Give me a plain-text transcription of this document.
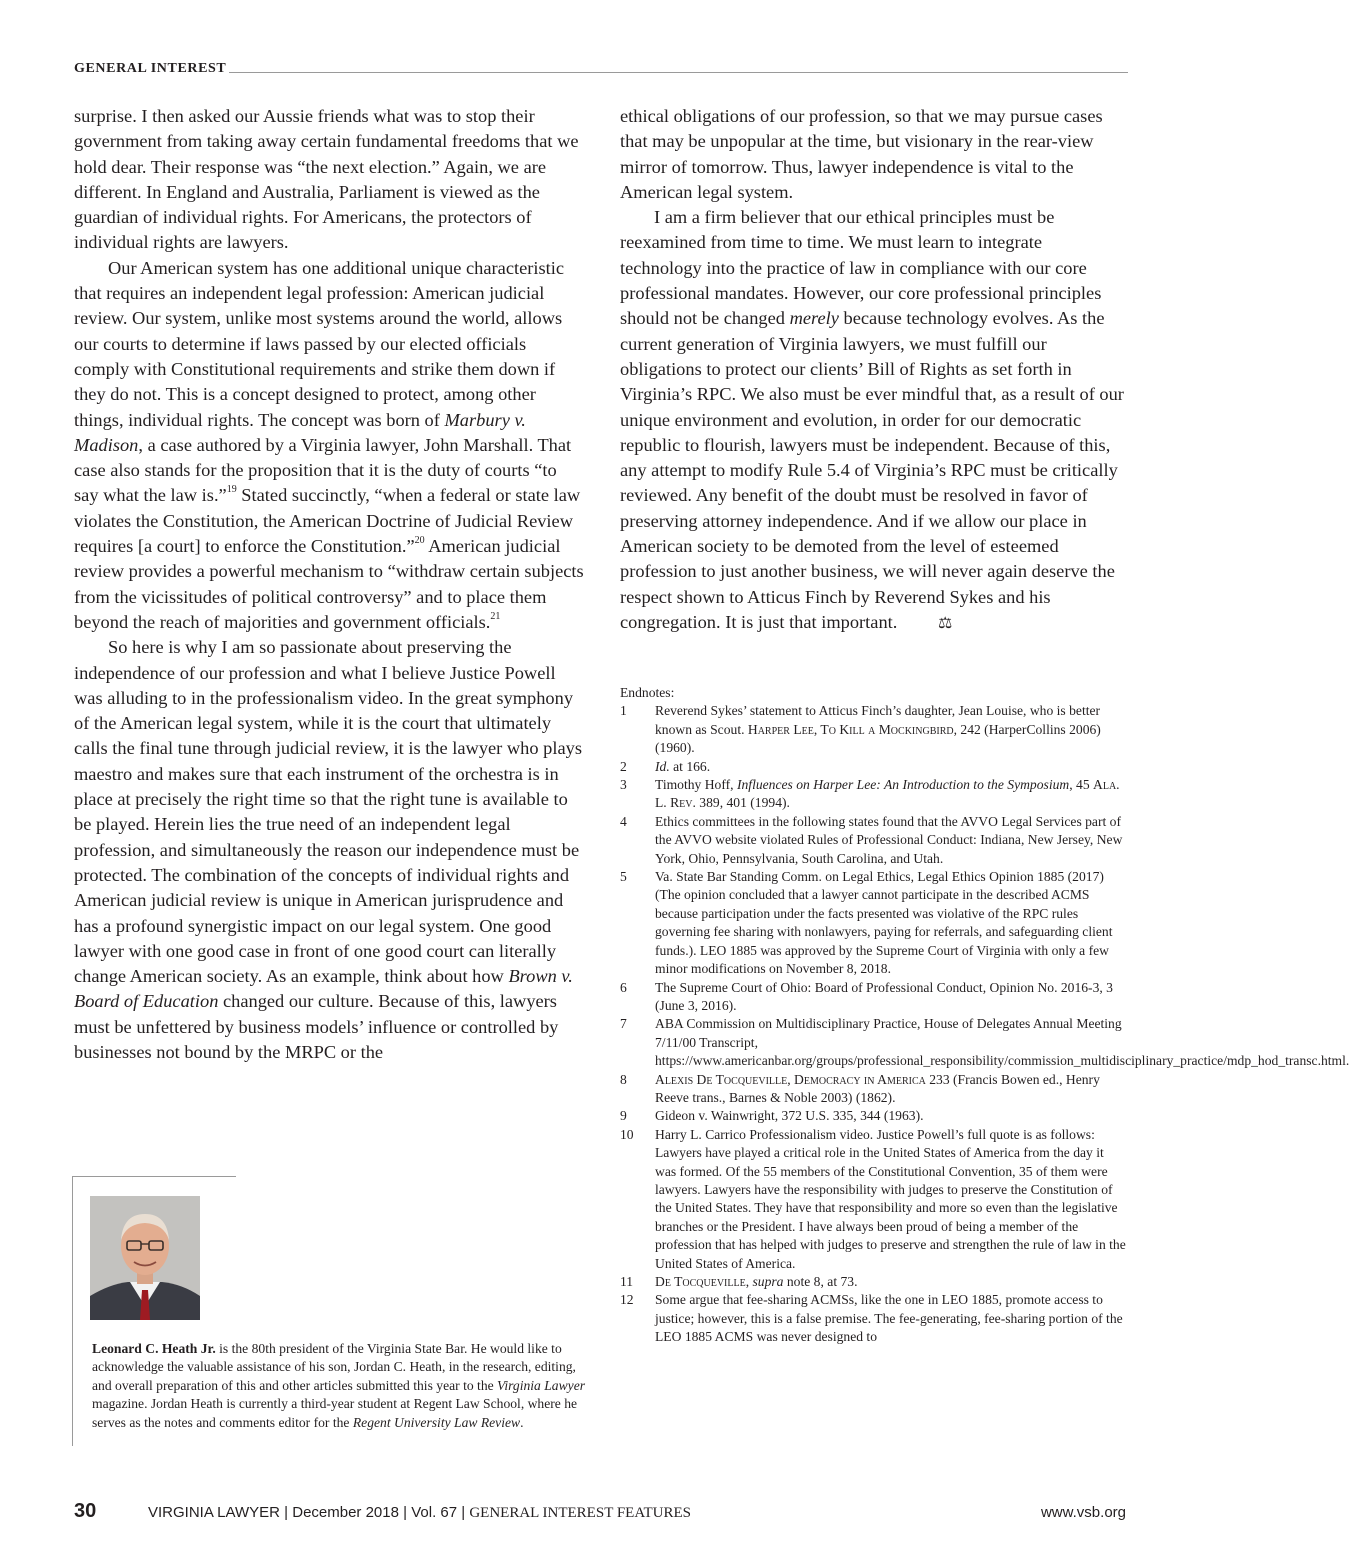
GENERAL INTEREST

surprise. I then asked our Aussie friends what was to stop their government from taking away certain fundamental freedoms that we hold dear. Their response was “the next election.” Again, we are different. In England and Australia, Parliament is viewed as the guardian of individual rights. For Americans, the protectors of individual rights are lawyers.

Our American system has one additional unique characteristic that requires an independent legal profession: American judicial review. Our system, unlike most systems around the world, allows our courts to determine if laws passed by our elected officials comply with Constitutional requirements and strike them down if they do not. This is a concept designed to protect, among other things, individual rights. The concept was born of Marbury v. Madison, a case authored by a Virginia lawyer, John Marshall. That case also stands for the proposition that it is the duty of courts “to say what the law is.”$^{19}$ Stated succinctly, “when a federal or state law violates the Constitution, the American Doctrine of Judicial Review requires [a court] to enforce the Constitution.”$^{20}$ American judicial review provides a powerful mechanism to “withdraw certain subjects from the vicissitudes of political controversy” and to place them beyond the reach of majorities and government officials.$^{21}$

So here is why I am so passionate about preserving the independence of our profession and what I believe Justice Powell was alluding to in the professionalism video. In the great symphony of the American legal system, while it is the court that ultimately calls the final tune through judicial review, it is the lawyer who plays maestro and makes sure that each instrument of the orchestra is in place at precisely the right time so that the right tune is available to be played. Herein lies the true need of an independent legal profession, and simultaneously the reason our independence must be protected. The combination of the concepts of individual rights and American judicial review is unique in American jurisprudence and has a profound synergistic impact on our legal system. One good lawyer with one good case in front of one good court can literally change American society. As an example, think about how Brown v. Board of Education changed our culture. Because of this, lawyers must be unfettered by business models’ influence or controlled by businesses not bound by the MRPC or the

ethical obligations of our profession, so that we may pursue cases that may be unpopular at the time, but visionary in the rear-view mirror of tomorrow. Thus, lawyer independence is vital to the American legal system.

I am a firm believer that our ethical principles must be reexamined from time to time. We must learn to integrate technology into the practice of law in compliance with our core professional mandates. However, our core professional principles should not be changed merely because technology evolves. As the current generation of Virginia lawyers, we must fulfill our obligations to protect our clients’ Bill of Rights as set forth in Virginia’s RPC. We also must be ever mindful that, as a result of our unique environment and evolution, in order for our democratic republic to flourish, lawyers must be independent. Because of this, any attempt to modify Rule 5.4 of Virginia’s RPC must be critically reviewed. Any benefit of the doubt must be resolved in favor of preserving attorney independence. And if we allow our place in American society to be demoted from the level of esteemed profession to just another business, we will never again deserve the respect shown to Atticus Finch by Reverend Sykes and his congregation. It is just that important.	⚖

Leonard C. Heath Jr. is the 80th president of the Virginia State Bar. He would like to acknowledge the valuable assistance of his son, Jordan C. Heath, in the research, editing, and overall preparation of this and other articles submitted this year to the Virginia Lawyer magazine. Jordan Heath is currently a third-year student at Regent Law School, where he serves as the notes and comments editor for the Regent University Law Review.

Endnotes:

1 Reverend Sykes’ statement to Atticus Finch’s daughter, Jean Louise, who is better known as Scout. Harper Lee, To Kill a Mockingbird, 242 (HarperCollins 2006) (1960).

2 Id. at 166.

3 Timothy Hoff, Influences on Harper Lee: An Introduction to the Symposium, 45 Ala. L. Rev. 389, 401 (1994).

4 Ethics committees in the following states found that the AVVO Legal Services part of the AVVO website violated Rules of Professional Conduct: Indiana, New Jersey, New York, Ohio, Pennsylvania, South Carolina, and Utah.

5 Va. State Bar Standing Comm. on Legal Ethics, Legal Ethics Opinion 1885 (2017) (The opinion concluded that a lawyer cannot participate in the described ACMS because participation under the facts presented was violative of the RPC rules governing fee sharing with nonlawyers, paying for referrals, and safeguarding client funds.). LEO 1885 was approved by the Supreme Court of Virginia with only a few minor modifications on November 8, 2018.

6 The Supreme Court of Ohio: Board of Professional Conduct, Opinion No. 2016-3, 3 (June 3, 2016).

7 ABA Commission on Multidisciplinary Practice, House of Delegates Annual Meeting 7/11/00 Transcript, https://www.americanbar.org/groups/professional_responsibility/commission_multidisciplinary_practice/mdp_hod_transc.html.

8 Alexis De Tocqueville, Democracy in America 233 (Francis Bowen ed., Henry Reeve trans., Barnes & Noble 2003) (1862).

9 Gideon v. Wainwright, 372 U.S. 335, 344 (1963).

10 Harry L. Carrico Professionalism video. Justice Powell’s full quote is as follows:

Lawyers have played a critical role in the United States of America from the day it was formed. Of the 55 members of the Constitutional Convention, 35 of them were lawyers. Lawyers have the responsibility with judges to preserve the Constitution of the United States. They have that responsibility and more so even than the legislative branches or the President. I have always been proud of being a member of the profession that has helped with judges to preserve and strengthen the rule of law in the United States of America.

11 De Tocqueville, supra note 8, at 73.

12 Some argue that fee-sharing ACMSs, like the one in LEO 1885, promote access to justice; however, this is a false premise. The fee-generating, fee-sharing portion of the LEO 1885 ACMS was never designed to

30	VIRGINIA LAWYER | December 2018 | Vol. 67 | GENERAL INTEREST FEATURES	www.vsb.org
